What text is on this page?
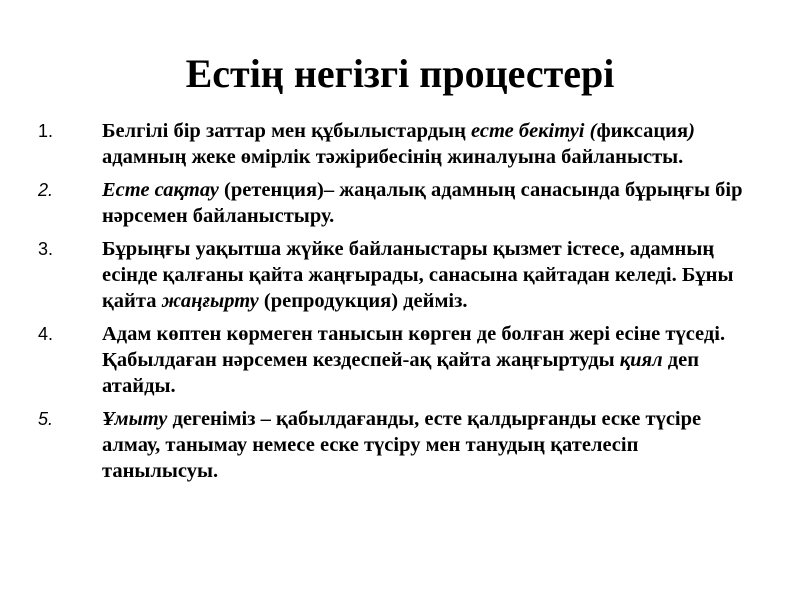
Естің негізгі процестері
1. Белгілі бір заттар мен құбылыстардың есте бекітуі (фиксация) адамның жеке өмірлік тәжірибесінің жиналуына байланысты.
2. Есте сақтау (ретенция)– жаңалық адамның санасында бұрыңғы бір нәрсемен байланыстыру.
3. Бұрыңғы уақытша жүйке байланыстары қызмет істесе, адамның есінде қалғаны қайта жаңғырады, санасына қайтадан келеді. Бұны қайта жаңғырту (репродукция) дейміз.
4. Адам көптен көрмеген танысын көрген де болған жері есіне түседі. Қабылдаған нәрсемен кездеспей-ақ қайта жаңғыртуды қиял деп атайды.
5. Ұмыту дегеніміз – қабылдағанды, есте қалдырғанды еске түсіре алмау, танымау немесе еске түсіру мен танудың қателесіп танылысуы.
